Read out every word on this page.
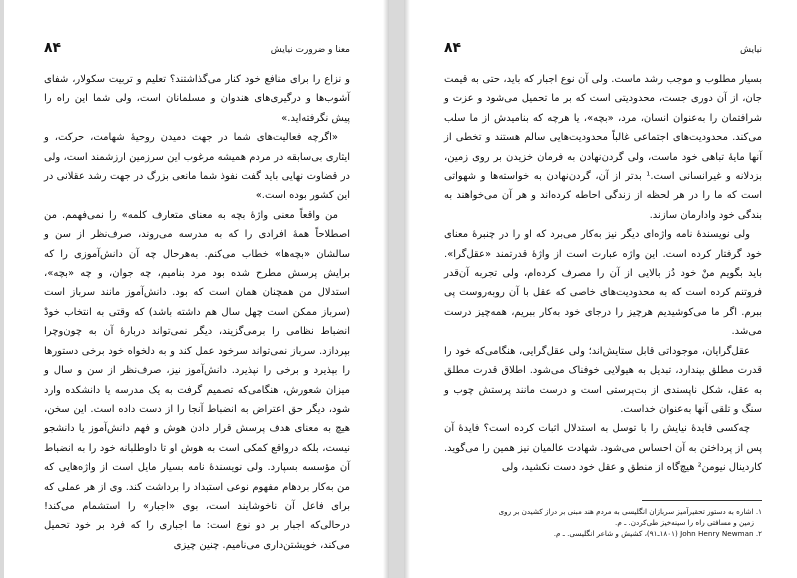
۸۴	معنا و ضرورت نیایش

و نزاع را برای منافع خود کنار می‌گذاشتند؟ تعلیم و تربیت سکولار، شفای آشوب‌ها و درگیری‌های هندوان و مسلمانان است، ولی شما این راه را پیش نگرفته‌اید.»

«اگرچه فعالیت‌های شما در جهت دمیدن روحیهٔ شهامت، حرکت، و ایثاری بی‌سابقه در مردم همیشه مرغوب این سرزمین ارزشمند است، ولی در قضاوت نهایی باید گفت نفوذ شما مانعی بزرگ در جهت رشد عقلانی در این کشور بوده است.»

من واقعاً معنی واژهٔ بچه به معنای متعارف کلمه» را نمی‌فهمم. من اصطلاحاً همهٔ افرادی را که به مدرسه می‌روند، صرف‌نظر از سن و سالشان «بچه‌ها» خطاب می‌کنم. به‌هرحال چه آن دانش‌آموزی را که برایش پرسش مطرح شده بود مرد بنامیم، چه جوان، و چه «بچه»، استدلال من همچنان همان است که بود. دانش‌آموز مانند سرباز است (سرباز ممکن است چهل سال هم داشته باشد) که وقتی به انتخاب خودْ انضباط نظامی را برمی‌گزیند، دیگر نمی‌تواند دربارهٔ آن به چون‌وچرا بپردازد. سرباز نمی‌تواند سرخود عمل کند و به دلخواه خود برخی دستورها را بپذیرد و برخی را نپذیرد. دانش‌آموز نیز، صرف‌نظر از سن و سال و میزان شعورش، هنگامی‌که تصمیم گرفت به یک مدرسه یا دانشکده وارد شود، دیگر حق اعتراض به انضباط آنجا را از دست داده است. این سخن، هیچ به معنای هدف پرسش قرار دادن هوش و فهم دانش‌آموز یا دانشجو نیست، بلکه درواقع کمکی است به هوش او تا داوطلبانه خود را به انضباط آن مؤسسه بسپارد. ولی نویسندهٔ نامه بسیار مایل است از واژه‌هایی که من به‌کار بردهام مفهوم نوعی استبداد را برداشت کند. وی از هر عملی که برای فاعل آن ناخوشایند است، بوی «اجبار» را استشمام می‌کند! درحالی‌که اجبار بر دو نوع است: ما اجباری را که فرد بر خود تحمیل می‌کند، خویشتن‌داری می‌نامیم. چنین چیزی

نیایش
۸۴

بسیار مطلوب و موجب رشد ماست. ولی آن نوع اجبار که باید، حتی به قیمت جان، از آن دوری جست، محدودیتی است که بر ما تحمیل می‌شود و عزت و شرافتمان را به‌عنوان انسان، مرد، «بچه»، یا هرچه که بنامیدش از ما سلب می‌کند. محدودیت‌های اجتماعی غالباً محدودیت‌هایی سالم هستند و تخطی از آنها مایهٔ تباهی خود ماست، ولی گردن‌نهادن به فرمان خزیدن بر روی زمین، بزدلانه و غیرانسانی است.¹ بدتر از آن، گردن‌نهادن به خواسته‌ها و شهواتی است که ما را در هر لحظه از زندگی احاطه کرده‌اند و هر آن می‌خواهند به بندگی خود وادارمان سازند.

ولی نویسندهٔ نامه واژه‌ای دیگر نیز به‌کار می‌برد که او را در چنبرهٔ معنای خود گرفتار کرده است. این واژه عبارت است از واژهٔ قدرتمند «عقل‌گرا». باید بگویم منْ خود دُز بالایی از آن را مصرف کرده‌ام، ولی تجربه آن‌قدر فروتنم کرده است که به محدودیت‌های خاصی که عقل با آن روبه‌روست پی ببرم. اگر ما می‌کوشیدیم هرچیز را درجای خود به‌کار ببریم، همه‌چیز درست می‌شد.

عقل‌گرایان، موجوداتی قابل ستایش‌اند؛ ولی عقل‌گرایی، هنگامی‌که خود را قدرت مطلق بپندارد، تبدیل به هیولایی خوفناک می‌شود. اطلاق قدرت مطلق به عقل، شکل ناپسندی از بت‌پرستی است و درست مانند پرستش چوب و سنگ و تلقی آنها به‌عنوان خداست.

چه‌کسی فایدهٔ نیایش را با توسل به استدلال اثبات کرده است؟ فایدهٔ آن پس از پرداختن به آن احساس می‌شود. شهادت عالمیان نیز همین را می‌گوید. کاردینال نیومن² هیچ‌گاه از منطق و عقل خود دست نکشید، ولی

۱. اشاره به دستور تحقیرآمیز سربازان انگلیسی به مردم هند مبنی بر دراز کشیدن بر روی

زمین و مسافتی راه را سینه‌خیز طی‌کردن. ـ م.

۲. John Henry Newman (۱۸۰۱ـ۹۱)، کشیش و شاعر انگلیسی. ـ م.
